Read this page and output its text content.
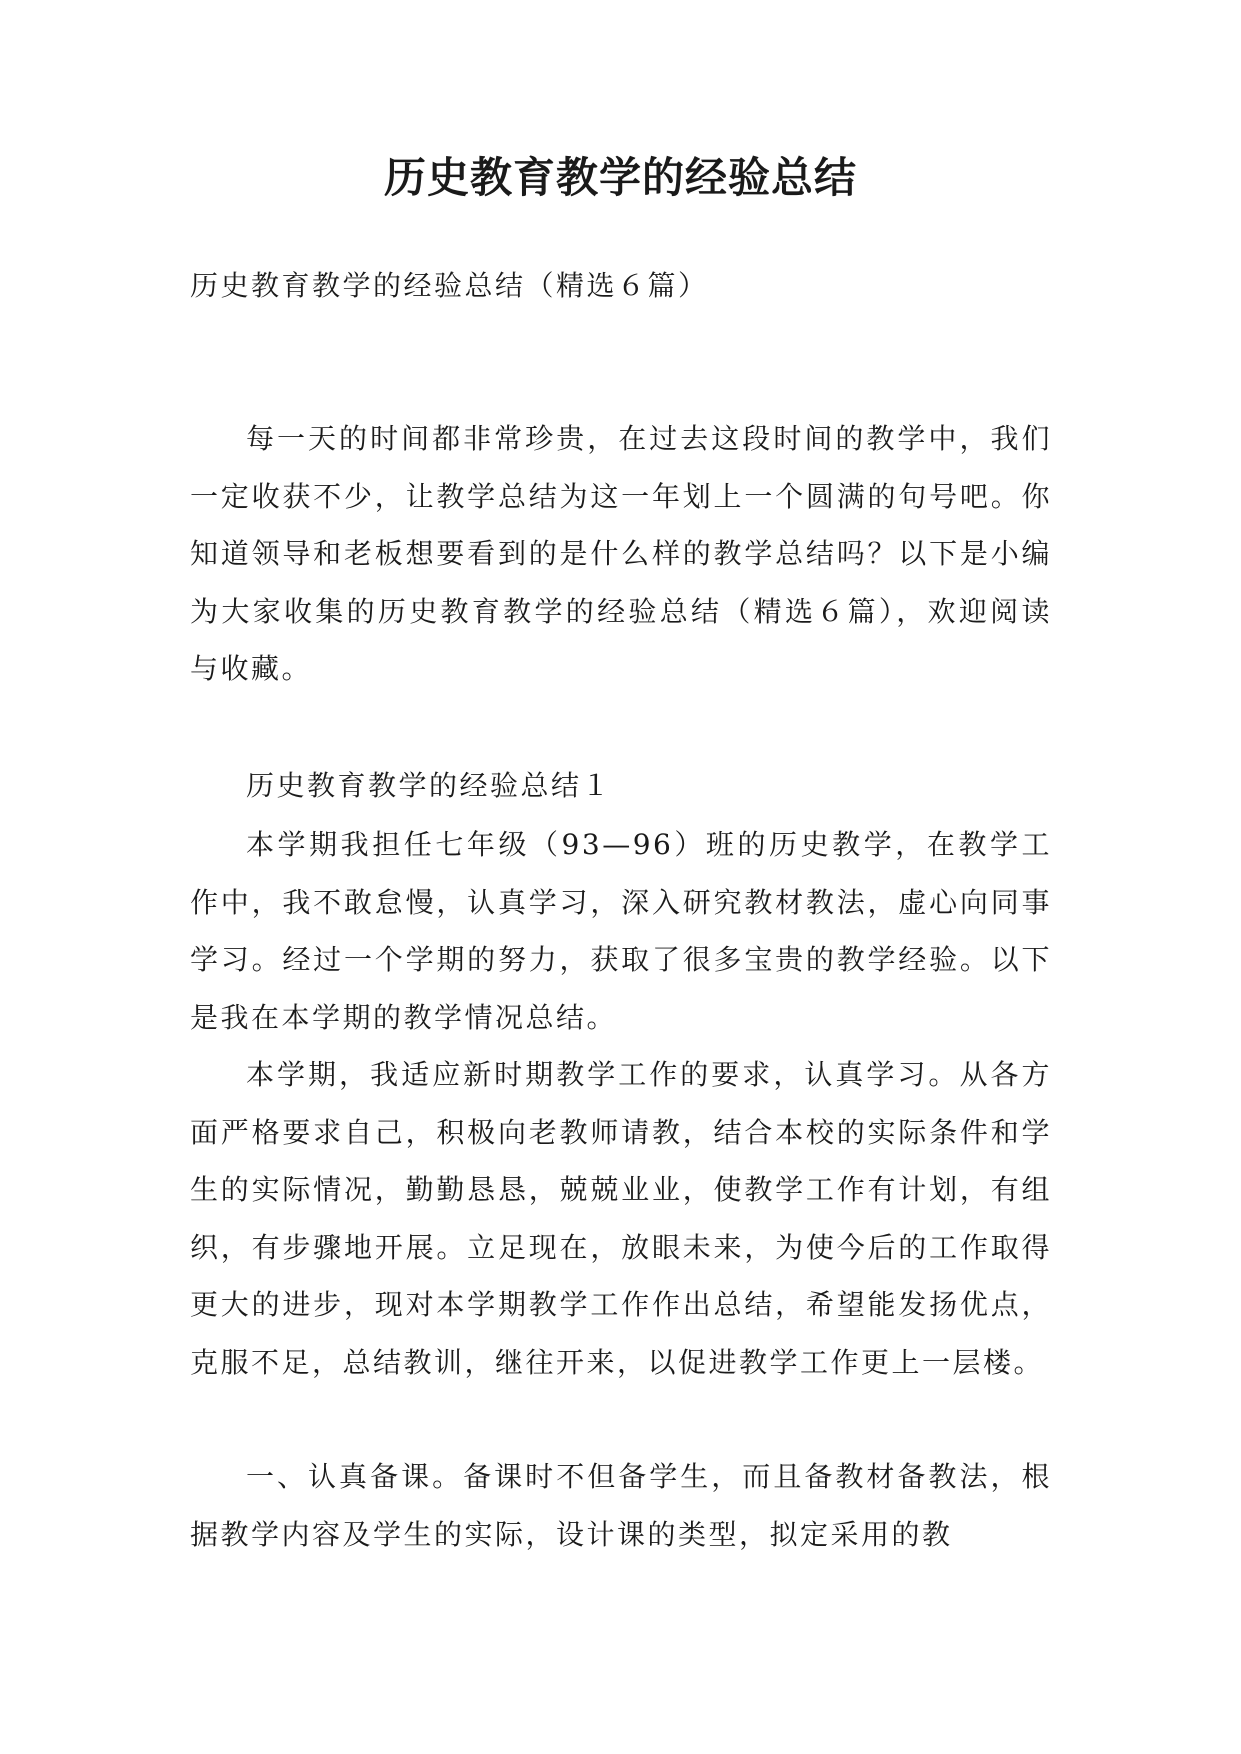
历史教育教学的经验总结
历史教育教学的经验总结（精选６篇）
每一天的时间都非常珍贵，在过去这段时间的教学中，我们一定收获不少，让教学总结为这一年划上一个圆满的句号吧。你知道领导和老板想要看到的是什么样的教学总结吗？以下是小编为大家收集的历史教育教学的经验总结（精选６篇），欢迎阅读与收藏。
历史教育教学的经验总结１
本学期我担任七年级（93—96）班的历史教学，在教学工作中，我不敢怠慢，认真学习，深入研究教材教法，虚心向同事学习。经过一个学期的努力，获取了很多宝贵的教学经验。以下是我在本学期的教学情况总结。
本学期，我适应新时期教学工作的要求，认真学习。从各方面严格要求自己，积极向老教师请教，结合本校的实际条件和学生的实际情况，勤勤恳恳，兢兢业业，使教学工作有计划，有组织，有步骤地开展。立足现在，放眼未来，为使今后的工作取得更大的进步，现对本学期教学工作作出总结，希望能发扬优点，克服不足，总结教训，继往开来，以促进教学工作更上一层楼。
一、认真备课。备课时不但备学生，而且备教材备教法，根据教学内容及学生的实际，设计课的类型，拟定采用的教
